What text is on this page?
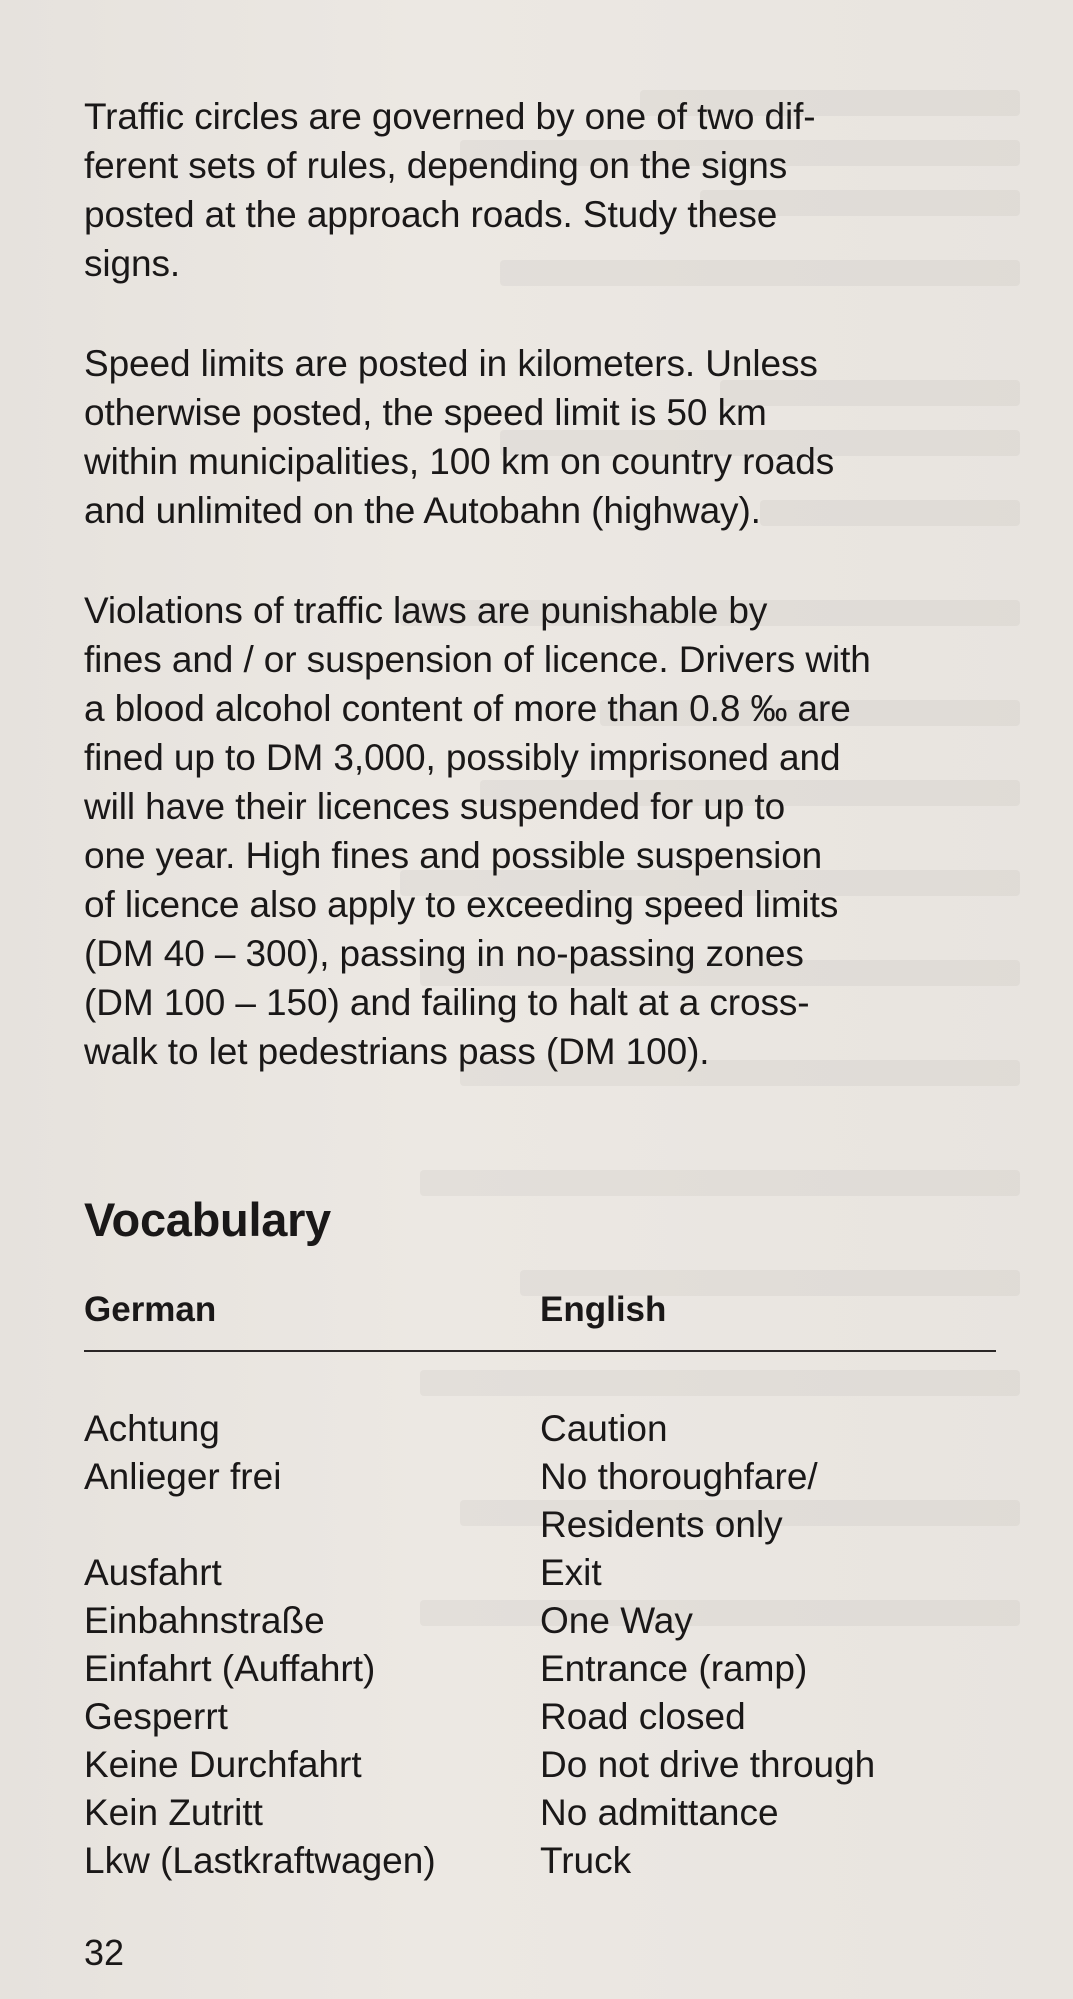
Traffic circles are governed by one of two dif-
ferent sets of rules, depending on the signs
posted at the approach roads. Study these
signs.

Speed limits are posted in kilometers. Unless
otherwise posted, the speed limit is 50 km
within municipalities, 100 km on country roads
and unlimited on the Autobahn (highway).

Violations of traffic laws are punishable by
fines and / or suspension of licence. Drivers with
a blood alcohol content of more than 0.8 ‰ are
fined up to DM 3,000, possibly imprisoned and
will have their licences suspended for up to
one year. High fines and possible suspension
of licence also apply to exceeding speed limits
(DM 40 – 300), passing in no-passing zones
(DM 100 – 150) and failing to halt at a cross-
walk to let pedestrians pass (DM 100).

Vocabulary
German	English
Achtung	Caution
Anlieger frei	No thoroughfare/
Residents only
Ausfahrt	Exit
Einbahnstraße	One Way
Einfahrt (Auffahrt)	Entrance (ramp)
Gesperrt	Road closed
Keine Durchfahrt	Do not drive through
Kein Zutritt	No admittance
Lkw (Lastkraftwagen)	Truck
32
